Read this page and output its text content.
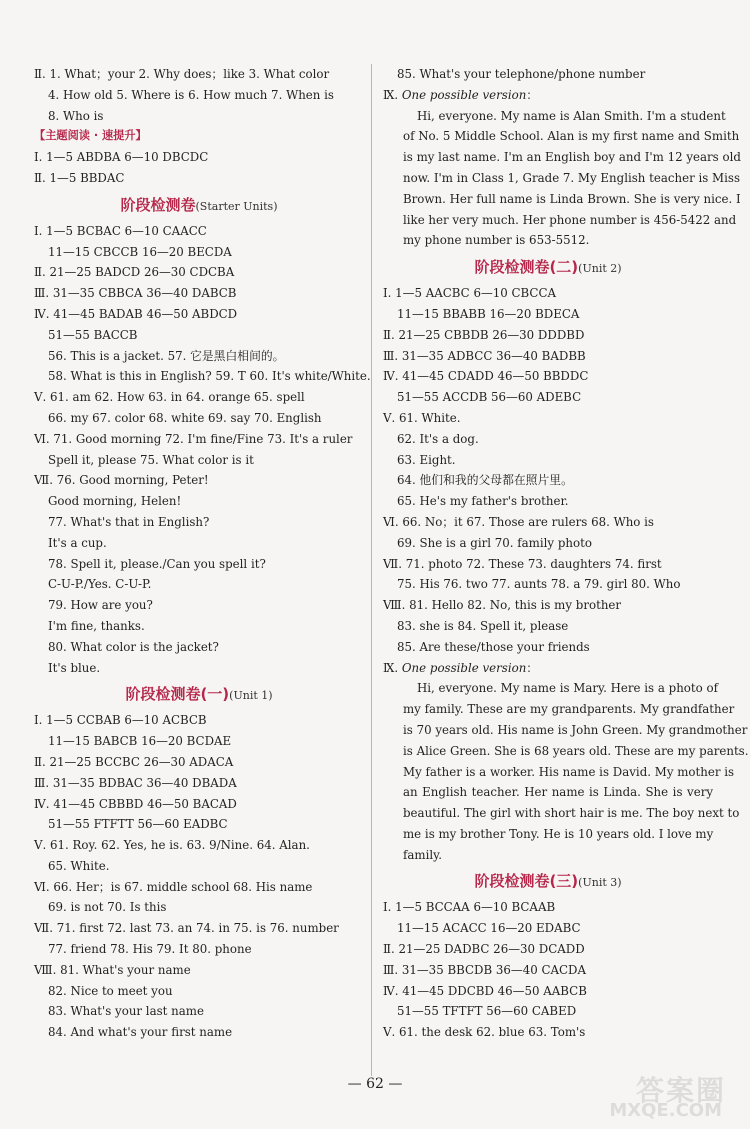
Ⅱ. 1. What；your 2. Why does；like 3. What color
4. How old 5. Where is 6. How much 7. When is
8. Who is
【主题阅读 · 速提升】
Ⅰ. 1—5 ABDBA 6—10 DBCDC
Ⅱ. 1—5 BBDAC
阶段检测卷(Starter Units)
Ⅰ. 1—5 BCBAC 6—10 CAACC
11—15 CBCCB 16—20 BECDA
Ⅱ. 21—25 BADCD 26—30 CDCBA
Ⅲ. 31—35 CBBCA 36—40 DABCB
Ⅳ. 41—45 BADAB 46—50 ABDCD
51—55 BACCB
56. This is a jacket. 57. 它是黑白相间的。
58. What is this in English? 59. T 60. It's white/White.
Ⅴ. 61. am 62. How 63. in 64. orange 65. spell
66. my 67. color 68. white 69. say 70. English
Ⅵ. 71. Good morning 72. I'm fine/Fine 73. It's a ruler
Spell it, please 75. What color is it
Ⅶ. 76. Good morning, Peter!
Good morning, Helen!
77. What's that in English?
It's a cup.
78. Spell it, please./Can you spell it?
C-U-P./Yes. C-U-P.
79. How are you?
I'm fine, thanks.
80. What color is the jacket?
It's blue.
阶段检测卷(一)(Unit 1)
Ⅰ. 1—5 CCBAB 6—10 ACBCB
11—15 BABCB 16—20 BCDAE
Ⅱ. 21—25 BCCBC 26—30 ADACA
Ⅲ. 31—35 BDBAC 36—40 DBADA
Ⅳ. 41—45 CBBBD 46—50 BACAD
51—55 FTFTT 56—60 EADBC
Ⅴ. 61. Roy. 62. Yes, he is. 63. 9/Nine. 64. Alan.
65. White.
Ⅵ. 66. Her；is 67. middle school 68. His name
69. is not 70. Is this
Ⅶ. 71. first 72. last 73. an 74. in 75. is 76. number
77. friend 78. His 79. It 80. phone
Ⅷ. 81. What's your name
82. Nice to meet you
83. What's your last name
84. And what's your first name
85. What's your telephone/phone number
Ⅸ. One possible version：
Hi, everyone. My name is Alan Smith. I'm a student
of No. 5 Middle School. Alan is my first name and Smith
is my last name. I'm an English boy and I'm 12 years old
now. I'm in Class 1, Grade 7. My English teacher is Miss
Brown. Her full name is Linda Brown. She is very nice. I
like her very much. Her phone number is 456-5422 and
my phone number is 653-5512.
阶段检测卷(二)(Unit 2)
Ⅰ. 1—5 AACBC 6—10 CBCCA
11—15 BBABB 16—20 BDECA
Ⅱ. 21—25 CBBDB 26—30 DDDBD
Ⅲ. 31—35 ADBCC 36—40 BADBB
Ⅳ. 41—45 CDADD 46—50 BBDDC
51—55 ACCDB 56—60 ADEBC
Ⅴ. 61. White.
62. It's a dog.
63. Eight.
64. 他们和我的父母都在照片里。
65. He's my father's brother.
Ⅵ. 66. No；it 67. Those are rulers 68. Who is
69. She is a girl 70. family photo
Ⅶ. 71. photo 72. These 73. daughters 74. first
75. His 76. two 77. aunts 78. a 79. girl 80. Who
Ⅷ. 81. Hello 82. No, this is my brother
83. she is 84. Spell it, please
85. Are these/those your friends
Ⅸ. One possible version：
Hi, everyone. My name is Mary. Here is a photo of
my family. These are my grandparents. My grandfather
is 70 years old. His name is John Green. My grandmother
is Alice Green. She is 68 years old. These are my parents.
My father is a worker. His name is David. My mother is
an English teacher. Her name is Linda. She is very
beautiful. The girl with short hair is me. The boy next to
me is my brother Tony. He is 10 years old. I love my
family.
阶段检测卷(三)(Unit 3)
Ⅰ. 1—5 BCCAA 6—10 BCAAB
11—15 ACACC 16—20 EDABC
Ⅱ. 21—25 DADBC 26—30 DCADD
Ⅲ. 31—35 BBCDB 36—40 CACDA
Ⅳ. 41—45 DDCBD 46—50 AABCB
51—55 TFTFT 56—60 CABED
Ⅴ. 61. the desk 62. blue 63. Tom's
— 62 —	答案圈
MXQE.COM
